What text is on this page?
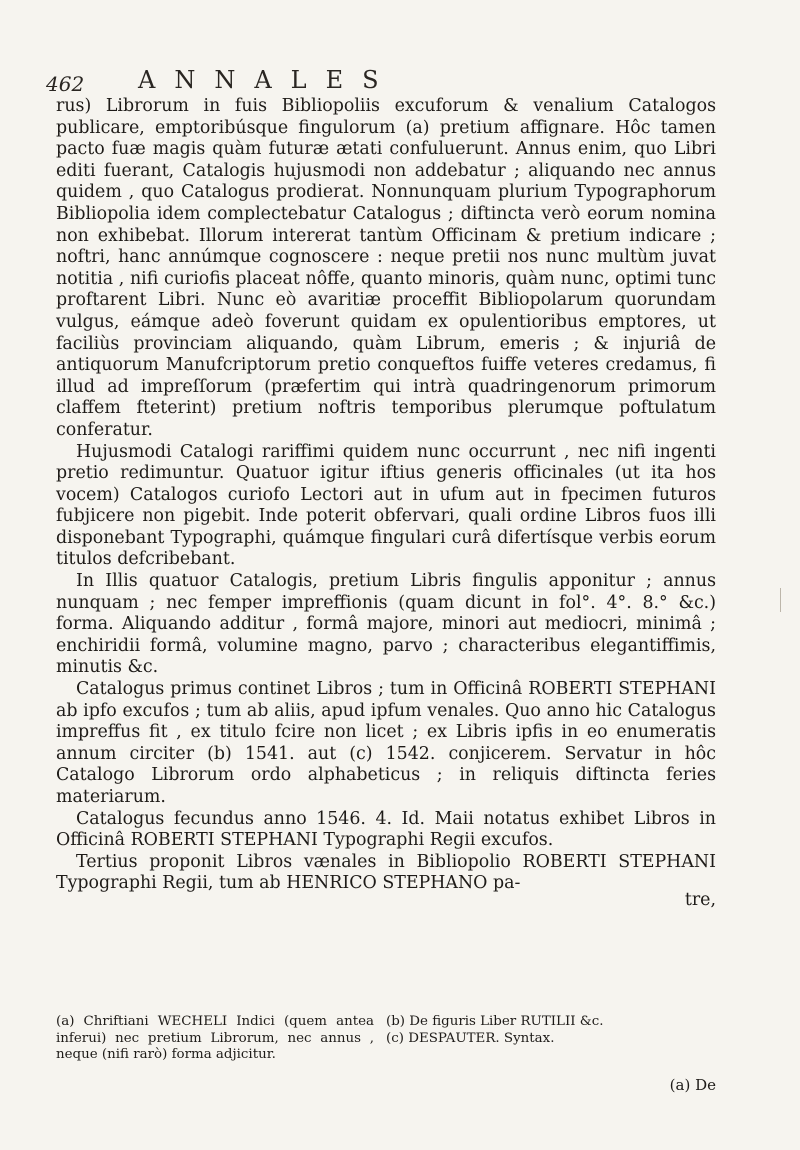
462 ANNALES

rus) Librorum in fuis Bibliopoliis excuforum & venalium Catalogos publicare, emptoribúsque fingulorum (a) pretium affignare. Hôc tamen pacto fuæ magis quàm futuræ ætati confuluerunt. Annus enim, quo Libri editi fuerant, Catalogis hujusmodi non addebatur ; aliquando nec annus quidem , quo Catalogus prodierat. Nonnunquam plurium Typographorum Bibliopolia idem complectebatur Catalogus ; diftincta verò eorum nomina non exhibebat. Illorum intererat tantùm Officinam & pretium indicare ; noftri, hanc annúmque cognoscere : neque pretii nos nunc multùm juvat notitia , nifi curiofis placeat nôffe, quanto minoris, quàm nunc, optimi tunc proftarent Libri. Nunc eò avaritiæ proceffit Bibliopolarum quorundam vulgus, eámque adeò foverunt quidam ex opulentioribus emptores, ut faciliùs provinciam aliquando, quàm Librum, emeris ; & injuriâ de antiquorum Manufcriptorum pretio conqueftos fuiffe veteres credamus, fi illud ad impreſſorum (præfertim qui intrà quadringenorum primorum claffem fteterint) pretium noftris temporibus plerumque poftulatum conferatur.

Hujusmodi Catalogi rariffimi quidem nunc occurrunt , nec nifi ingenti pretio redimuntur. Quatuor igitur iftius generis officinales (ut ita hos vocem) Catalogos curiofo Lectori aut in ufum aut in fpecimen futuros fubjicere non pigebit. Inde poterit obfervari, quali ordine Libros fuos illi disponebant Typographi, quámque fingulari curâ difertísque verbis eorum titulos defcribebant.

In Illis quatuor Catalogis, pretium Libris fingulis apponitur ; annus nunquam ; nec femper impreffionis (quam dicunt in fol°. 4°. 8.° &c.) forma. Aliquando additur , formâ majore, minori aut mediocri, minimâ ; enchiridii formâ, volumine magno, parvo ; characteribus elegantiffimis, minutis &c.

Catalogus primus continet Libros ; tum in Officinâ ROBERTI STEPHANI ab ipfo excufos ; tum ab aliis, apud ipfum venales. Quo anno hic Catalogus impreffus fit , ex titulo fcire non licet ; ex Libris ipfis in eo enumeratis annum circiter (b) 1541. aut (c) 1542. conjicerem. Servatur in hôc Catalogo Librorum ordo alphabeticus ; in reliquis diftincta feries materiarum.

Catalogus fecundus anno 1546. 4. Id. Maii notatus exhibet Libros in Officinâ ROBERTI STEPHANI Typographi Regii excufos.

Tertius proponit Libros vænales in Bibliopolio ROBERTI STEPHANI Typographi Regii, tum ab HENRICO STEPHANO pa-

tre,
(a) Chriftiani WECHELI Indici (quem antea inferui) nec pretium Librorum, nec annus , neque (nifi rarò) forma adjicitur.
(b) De figuris Liber RUTILII &c.
(c) DESPAUTER. Syntax.
(a) De
